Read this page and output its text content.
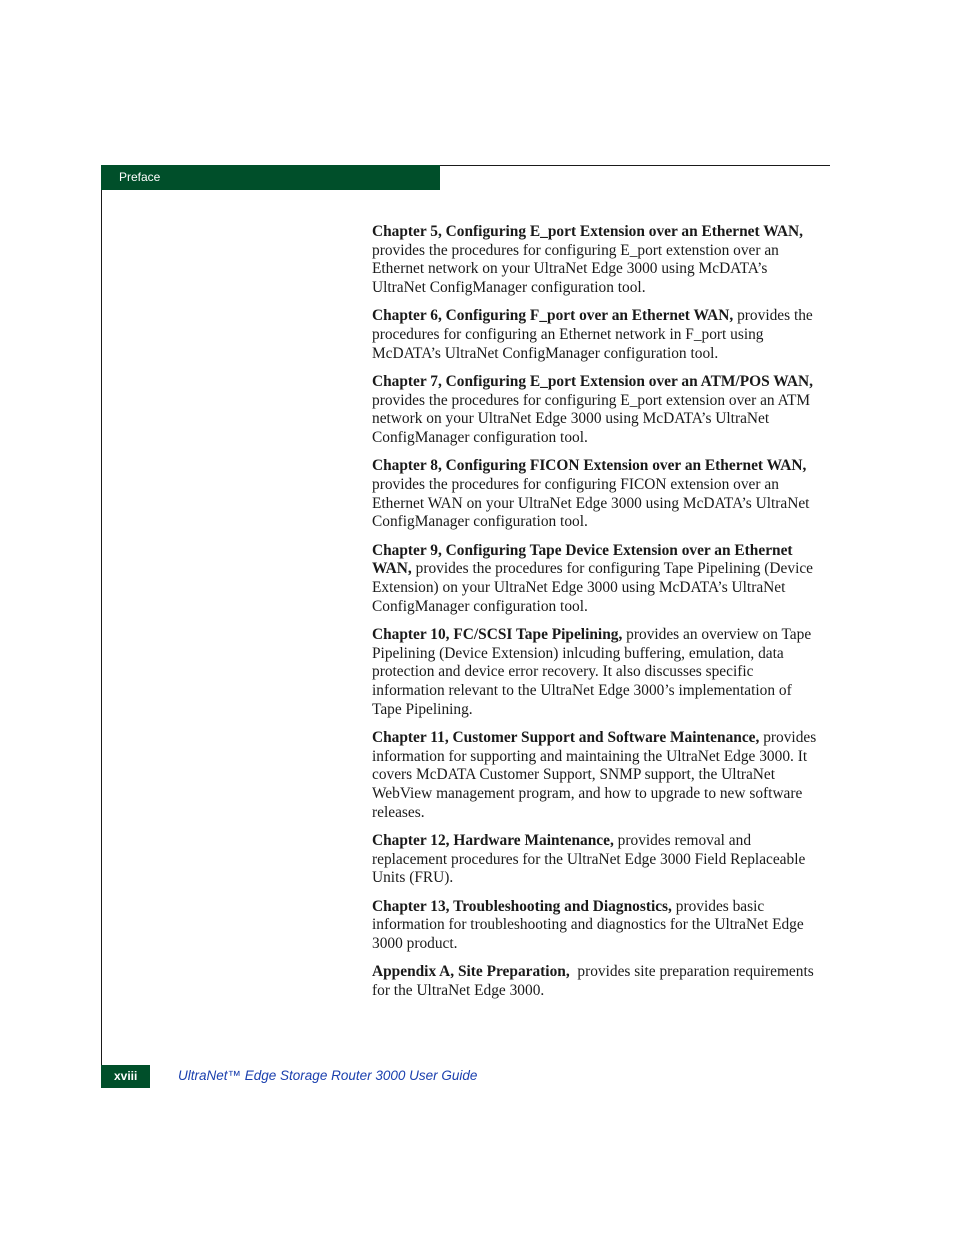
Preface

Chapter 5, Configuring E_port Extension over an Ethernet WAN,  provides the procedures for configuring E_port extenstion over an Ethernet network on your UltraNet Edge 3000 using McDATA’s UltraNet ConfigManager configuration tool.

Chapter 6, Configuring F_port over an Ethernet WAN, provides the procedures for configuring an Ethernet network in F_port using McDATA’s UltraNet ConfigManager configuration tool.

Chapter 7, Configuring E_port Extension over an ATM/POS WAN, provides the procedures for configuring E_port extension over an ATM network on your UltraNet Edge 3000 using McDATA’s UltraNet ConfigManager configuration tool.

Chapter 8, Configuring FICON Extension over an Ethernet WAN, provides the procedures for configuring FICON extension over an Ethernet WAN on your UltraNet Edge 3000 using McDATA’s UltraNet ConfigManager configuration tool.

Chapter 9, Configuring Tape Device Extension over an Ethernet WAN, provides the procedures for configuring Tape Pipelining (Device Extension) on your UltraNet Edge 3000 using McDATA’s UltraNet ConfigManager configuration tool.

Chapter 10, FC/SCSI Tape Pipelining, provides an overview on Tape Pipelining (Device Extension) inlcuding buffering, emulation, data protection and device error recovery. It also discusses specific information relevant to the UltraNet Edge 3000’s implementation of Tape Pipelining.

Chapter 11, Customer Support and Software Maintenance, provides information for supporting and maintaining the UltraNet Edge 3000. It covers McDATA Customer Support, SNMP support, the UltraNet WebView management program, and how to upgrade to new software releases.

Chapter 12, Hardware Maintenance, provides removal and replacement procedures for the UltraNet Edge 3000 Field Replaceable Units (FRU).

Chapter 13, Troubleshooting and Diagnostics, provides basic information for troubleshooting and diagnostics for the UltraNet Edge 3000 product.

Appendix A, Site Preparation, provides site preparation requirements for the UltraNet Edge 3000.

xviii	UltraNet™ Edge Storage Router 3000 User Guide
